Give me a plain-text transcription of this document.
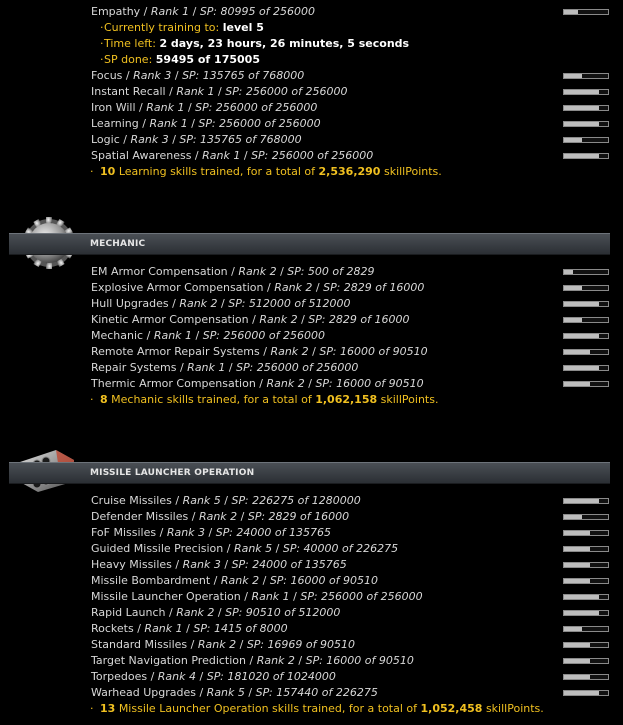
Empathy / Rank 1 / SP: 80995 of 256000
· Currently training to: level 5
· Time left: 2 days, 23 hours, 26 minutes, 5 seconds
· SP done: 59495 of 175005
Focus / Rank 3 / SP: 135765 of 768000
Instant Recall / Rank 1 / SP: 256000 of 256000
Iron Will / Rank 1 / SP: 256000 of 256000
Learning / Rank 1 / SP: 256000 of 256000
Logic / Rank 3 / SP: 135765 of 768000
Spatial Awareness / Rank 1 / SP: 256000 of 256000
· 10 Learning skills trained, for a total of 2,536,290 skillPoints.
MECHANIC
EM Armor Compensation / Rank 2 / SP: 500 of 2829
Explosive Armor Compensation / Rank 2 / SP: 2829 of 16000
Hull Upgrades / Rank 2 / SP: 512000 of 512000
Kinetic Armor Compensation / Rank 2 / SP: 2829 of 16000
Mechanic / Rank 1 / SP: 256000 of 256000
Remote Armor Repair Systems / Rank 2 / SP: 16000 of 90510
Repair Systems / Rank 1 / SP: 256000 of 256000
Thermic Armor Compensation / Rank 2 / SP: 16000 of 90510
· 8 Mechanic skills trained, for a total of 1,062,158 skillPoints.
MISSILE LAUNCHER OPERATION
Cruise Missiles / Rank 5 / SP: 226275 of 1280000
Defender Missiles / Rank 2 / SP: 2829 of 16000
FoF Missiles / Rank 3 / SP: 24000 of 135765
Guided Missile Precision / Rank 5 / SP: 40000 of 226275
Heavy Missiles / Rank 3 / SP: 24000 of 135765
Missile Bombardment / Rank 2 / SP: 16000 of 90510
Missile Launcher Operation / Rank 1 / SP: 256000 of 256000
Rapid Launch / Rank 2 / SP: 90510 of 512000
Rockets / Rank 1 / SP: 1415 of 8000
Standard Missiles / Rank 2 / SP: 16969 of 90510
Target Navigation Prediction / Rank 2 / SP: 16000 of 90510
Torpedoes / Rank 4 / SP: 181020 of 1024000
Warhead Upgrades / Rank 5 / SP: 157440 of 226275
· 13 Missile Launcher Operation skills trained, for a total of 1,052,458 skillPoints.
